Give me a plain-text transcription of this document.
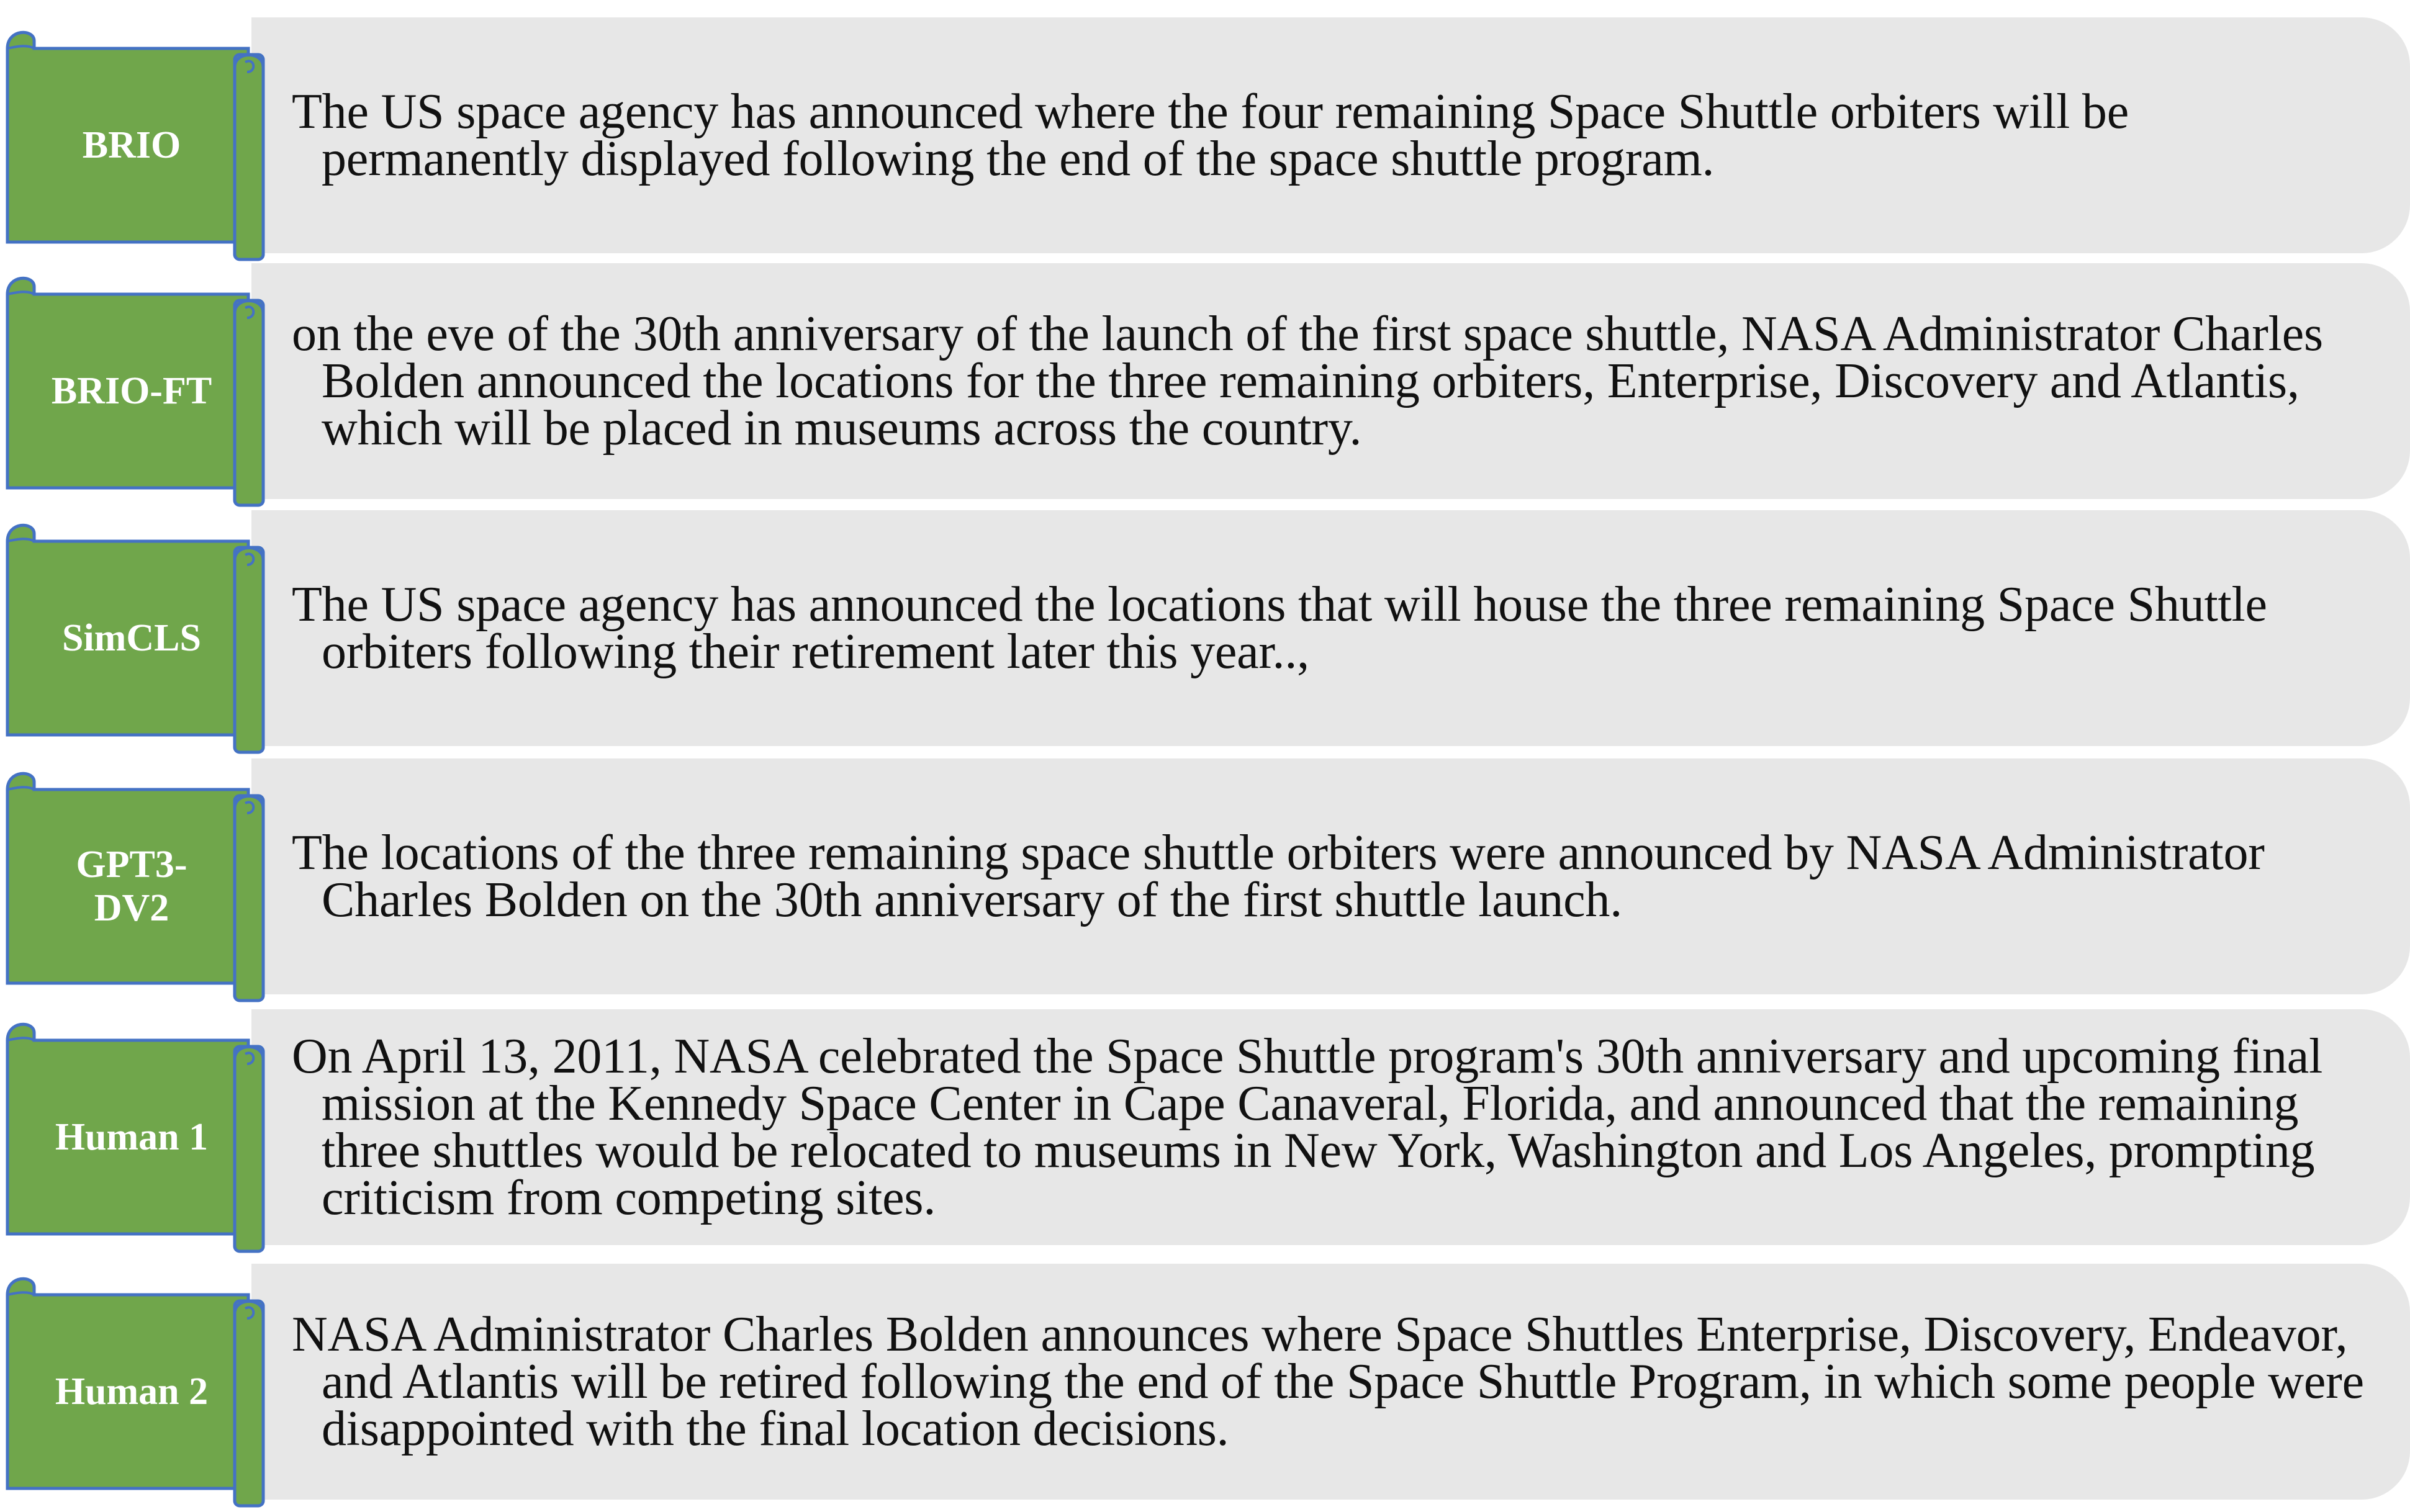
BRIO
The US space agency has announced where the four remaining Space Shuttle orbiters will be permanently displayed following the end of the space shuttle program.
BRIO-FT
on the eve of the 30th anniversary of the launch of the first space shuttle, NASA Administrator Charles Bolden announced the locations for the three remaining orbiters, Enterprise, Discovery and Atlantis, which will be placed in museums across the country.
SimCLS
The US space agency has announced the locations that will house the three remaining Space Shuttle orbiters following their retirement later this year..,
GPT3-DV2
The locations of the three remaining space shuttle orbiters were announced by NASA Administrator Charles Bolden on the 30th anniversary of the first shuttle launch.
Human 1
On April 13, 2011, NASA celebrated the Space Shuttle program's 30th anniversary and upcoming final mission at the Kennedy Space Center in Cape Canaveral, Florida, and announced that the remaining three shuttles would be relocated to museums in New York, Washington and Los Angeles, prompting criticism from competing sites.
Human 2
NASA Administrator Charles Bolden announces where Space Shuttles Enterprise, Discovery, Endeavor, and Atlantis will be retired following the end of the Space Shuttle Program, in which some people were disappointed with the final location decisions.
